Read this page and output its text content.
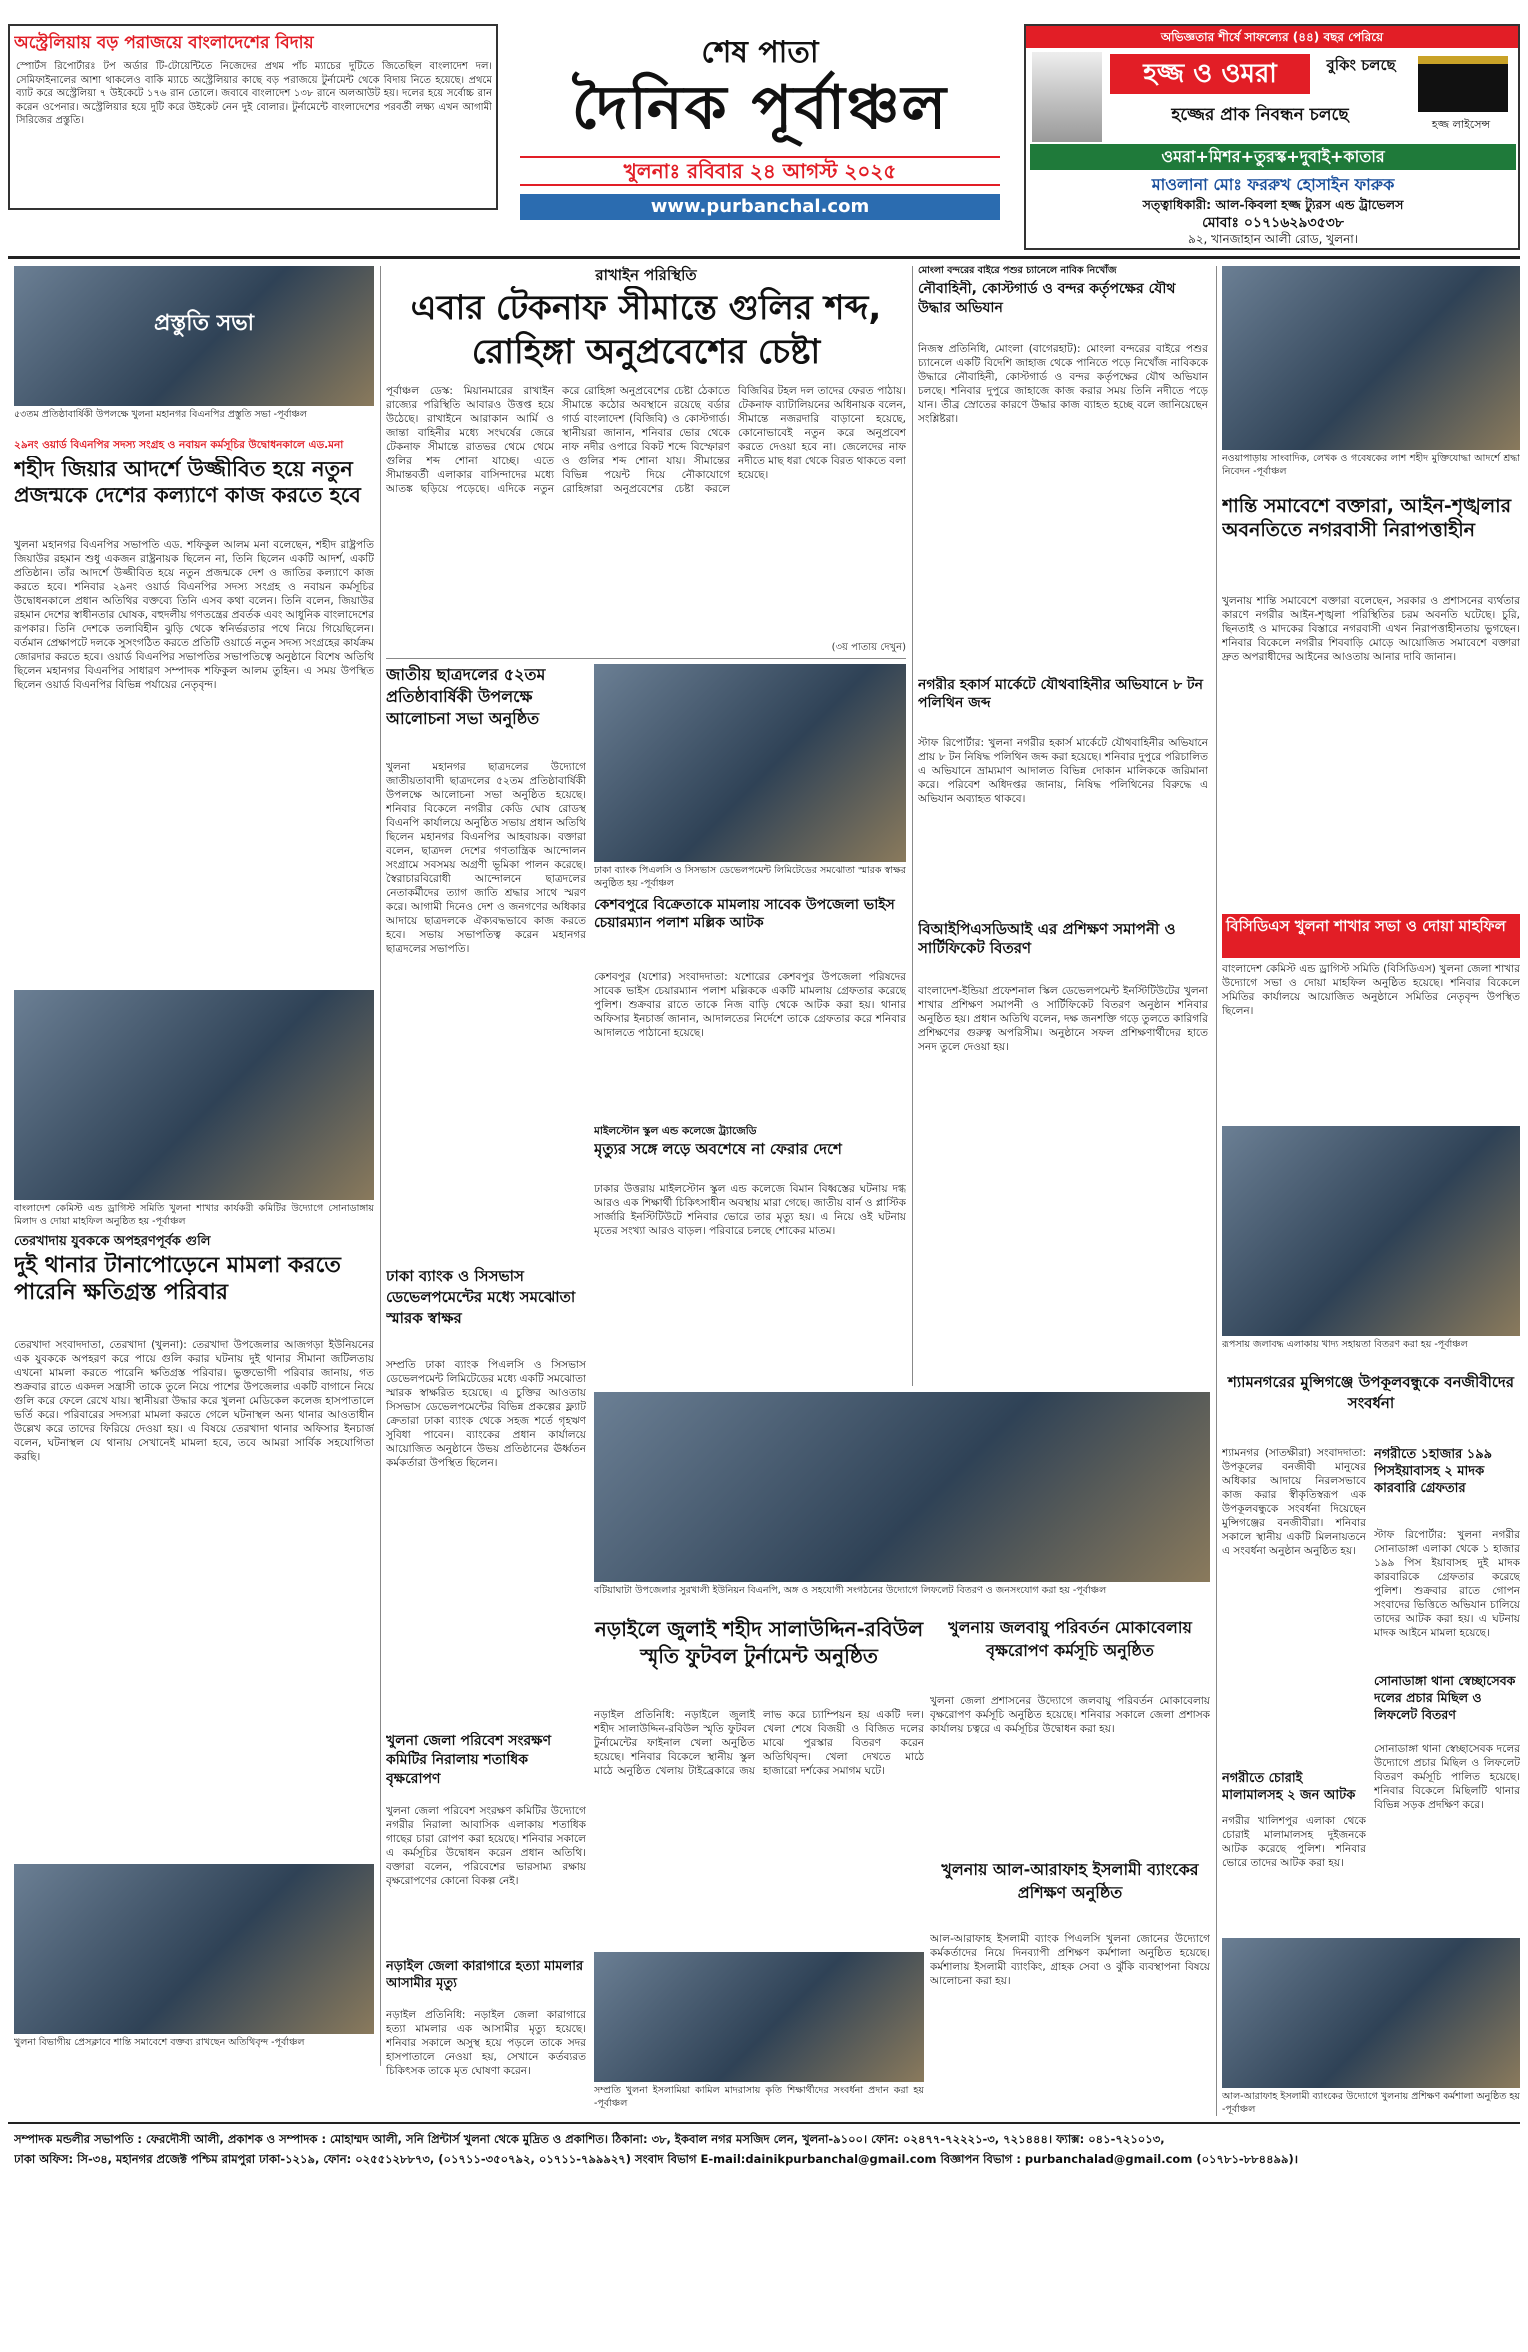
অস্ট্রেলিয়ায় বড় পরাজয়ে বাংলাদেশের বিদায়
স্পোর্টস রিপোর্টারঃ টপ অর্ডার টি-টোয়েন্টিতে নিজেদের প্রথম পাঁচ ম্যাচের দুটিতে জিতেছিল বাংলাদেশ দল। সেমিফাইনালের আশা থাকলেও বাকি ম্যাচে অস্ট্রেলিয়ার কাছে বড় পরাজয়ে টুর্নামেন্ট থেকে বিদায় নিতে হয়েছে। প্রথমে ব্যাট করে অস্ট্রেলিয়া ৭ উইকেটে ১৭৬ রান তোলে। জবাবে বাংলাদেশ ১৩৮ রানে অলআউট হয়। দলের হয়ে সর্বোচ্চ রান করেন ওপেনার। অস্ট্রেলিয়ার হয়ে দুটি করে উইকেট নেন দুই বোলার। টুর্নামেন্টে বাংলাদেশের পরবর্তী লক্ষ্য এখন আগামী সিরিজের প্রস্তুতি।
শেষ পাতা
দৈনিক পূর্বাঞ্চল
খুলনাঃ রবিবার ২৪ আগস্ট ২০২৫
www.purbanchal.com
অভিজ্ঞতার শীর্ষে সাফল্যের (৪৪) বছর পেরিয়ে
হজ্জ ও ওমরা	বুকিং চলছে
হজ্জ লাইসেন্স
হজ্জের প্রাক নিবন্ধন চলছে
ওমরা+মিশর+তুরস্ক+দুবাই+কাতার
মাওলানা মোঃ ফররুখ হোসাইন ফারুক
সত্ত্বাধিকারী: আল-কিবলা হজ্জ ট্যুরস এন্ড ট্রাভেলস
মোবাঃ ০১৭১৬২৯৩৫৩৮
৯২, খানজাহান আলী রোড, খুলনা।
প্রস্তুতি সভা
৫৩তম প্রতিষ্ঠাবার্ষিকী উপলক্ষে খুলনা মহানগর বিএনপির প্রস্তুতি সভা -পূর্বাঞ্চল
২৯নং ওয়ার্ড বিএনপির সদস্য সংগ্রহ ও নবায়ন কর্মসূচির উদ্বোধনকালে এড.মনা
শহীদ জিয়ার আদর্শে উজ্জীবিত হয়ে নতুন প্রজন্মকে দেশের কল্যাণে কাজ করতে হবে
খুলনা মহানগর বিএনপির সভাপতি এড. শফিকুল আলম মনা বলেছেন, শহীদ রাষ্ট্রপতি জিয়াউর রহমান শুধু একজন রাষ্ট্রনায়ক ছিলেন না, তিনি ছিলেন একটি আদর্শ, একটি প্রতিষ্ঠান। তাঁর আদর্শে উজ্জীবিত হয়ে নতুন প্রজন্মকে দেশ ও জাতির কল্যাণে কাজ করতে হবে। শনিবার ২৯নং ওয়ার্ড বিএনপির সদস্য সংগ্রহ ও নবায়ন কর্মসূচির উদ্বোধনকালে প্রধান অতিথির বক্তব্যে তিনি এসব কথা বলেন। তিনি বলেন, জিয়াউর রহমান দেশের স্বাধীনতার ঘোষক, বহুদলীয় গণতন্ত্রের প্রবর্তক এবং আধুনিক বাংলাদেশের রূপকার। তিনি দেশকে তলাবিহীন ঝুড়ি থেকে স্বনির্ভরতার পথে নিয়ে গিয়েছিলেন। বর্তমান প্রেক্ষাপটে দলকে সুসংগঠিত করতে প্রতিটি ওয়ার্ডে নতুন সদস্য সংগ্রহের কার্যক্রম জোরদার করতে হবে। ওয়ার্ড বিএনপির সভাপতির সভাপতিত্বে অনুষ্ঠানে বিশেষ অতিথি ছিলেন মহানগর বিএনপির সাধারণ সম্পাদক শফিকুল আলম তুহিন। এ সময় উপস্থিত ছিলেন ওয়ার্ড বিএনপির বিভিন্ন পর্যায়ের নেতৃবৃন্দ।
বাংলাদেশ কেমিস্ট এন্ড ড্রাগিস্ট সমিতি খুলনা শাখার কার্যকরী কমিটির উদ্যোগে সোনাডাঙ্গায় মিলাদ ও দোয়া মাহফিল অনুষ্ঠিত হয় -পূর্বাঞ্চল
তেরখাদায় যুবককে অপহরণপূর্বক গুলি
দুই থানার টানাপোড়েনে মামলা করতে পারেনি ক্ষতিগ্রস্ত পরিবার
তেরখাদা সংবাদদাতা, তেরখাদা (খুলনা): তেরখাদা উপজেলার আজগড়া ইউনিয়নের এক যুবককে অপহরণ করে পায়ে গুলি করার ঘটনায় দুই থানার সীমানা জটিলতায় এখনো মামলা করতে পারেনি ক্ষতিগ্রস্ত পরিবার। ভুক্তভোগী পরিবার জানায়, গত শুক্রবার রাতে একদল সন্ত্রাসী তাকে তুলে নিয়ে পাশের উপজেলার একটি বাগানে নিয়ে গুলি করে ফেলে রেখে যায়। স্থানীয়রা উদ্ধার করে খুলনা মেডিকেল কলেজ হাসপাতালে ভর্তি করে। পরিবারের সদস্যরা মামলা করতে গেলে ঘটনাস্থল অন্য থানার আওতাধীন উল্লেখ করে তাদের ফিরিয়ে দেওয়া হয়। এ বিষয়ে তেরখাদা থানার অফিসার ইনচার্জ বলেন, ঘটনাস্থল যে থানায় সেখানেই মামলা হবে, তবে আমরা সার্বিক সহযোগিতা করছি।
খুলনা বিভাগীয় প্রেসক্লাবে শান্তি সমাবেশে বক্তব্য রাখছেন অতিথিবৃন্দ -পূর্বাঞ্চল
রাখাইন পরিস্থিতি
এবার টেকনাফ সীমান্তে গুলির শব্দ, রোহিঙ্গা অনুপ্রবেশের চেষ্টা
পূর্বাঞ্চল ডেস্ক: মিয়ানমারের রাখাইন রাজ্যের পরিস্থিতি আবারও উত্তপ্ত হয়ে উঠেছে। রাখাইনে আরাকান আর্মি ও জান্তা বাহিনীর মধ্যে সংঘর্ষের জেরে টেকনাফ সীমান্তে রাতভর থেমে থেমে গুলির শব্দ শোনা যাচ্ছে। এতে সীমান্তবর্তী এলাকার বাসিন্দাদের মধ্যে আতঙ্ক ছড়িয়ে পড়েছে। এদিকে নতুন করে রোহিঙ্গা অনুপ্রবেশের চেষ্টা ঠেকাতে সীমান্তে কঠোর অবস্থানে রয়েছে বর্ডার গার্ড বাংলাদেশ (বিজিবি) ও কোস্টগার্ড। স্থানীয়রা জানান, শনিবার ভোর থেকে নাফ নদীর ওপারে বিকট শব্দে বিস্ফোরণ ও গুলির শব্দ শোনা যায়। সীমান্তের বিভিন্ন পয়েন্ট দিয়ে নৌকাযোগে রোহিঙ্গারা অনুপ্রবেশের চেষ্টা করলে বিজিবির টহল দল তাদের ফেরত পাঠায়। টেকনাফ ব্যাটালিয়নের অধিনায়ক বলেন, সীমান্তে নজরদারি বাড়ানো হয়েছে, কোনোভাবেই নতুন করে অনুপ্রবেশ করতে দেওয়া হবে না। জেলেদের নাফ নদীতে মাছ ধরা থেকে বিরত থাকতে বলা হয়েছে।
(৩য় পাতায় দেখুন)
জাতীয় ছাত্রদলের ৫২তম প্রতিষ্ঠাবার্ষিকী উপলক্ষে আলোচনা সভা অনুষ্ঠিত
খুলনা মহানগর ছাত্রদলের উদ্যোগে জাতীয়তাবাদী ছাত্রদলের ৫২তম প্রতিষ্ঠাবার্ষিকী উপলক্ষে আলোচনা সভা অনুষ্ঠিত হয়েছে। শনিবার বিকেলে নগরীর কেডি ঘোষ রোডস্থ বিএনপি কার্যালয়ে অনুষ্ঠিত সভায় প্রধান অতিথি ছিলেন মহানগর বিএনপির আহবায়ক। বক্তারা বলেন, ছাত্রদল দেশের গণতান্ত্রিক আন্দোলন সংগ্রামে সবসময় অগ্রণী ভূমিকা পালন করেছে। স্বৈরাচারবিরোধী আন্দোলনে ছাত্রদলের নেতাকর্মীদের ত্যাগ জাতি শ্রদ্ধার সাথে স্মরণ করে। আগামী দিনেও দেশ ও জনগণের অধিকার আদায়ে ছাত্রদলকে ঐক্যবদ্ধভাবে কাজ করতে হবে। সভায় সভাপতিত্ব করেন মহানগর ছাত্রদলের সভাপতি।
ঢাকা ব্যাংক পিএলসি ও সিসভাস ডেভেলপমেন্ট লিমিটেডের সমঝোতা স্মারক স্বাক্ষর অনুষ্ঠিত হয় -পূর্বাঞ্চল
কেশবপুরে বিক্রেতাকে মামলায় সাবেক উপজেলা ভাইস চেয়ারম্যান পলাশ মল্লিক আটক
কেশবপুর (যশোর) সংবাদদাতা: যশোরের কেশবপুর উপজেলা পরিষদের সাবেক ভাইস চেয়ারম্যান পলাশ মল্লিককে একটি মামলায় গ্রেফতার করেছে পুলিশ। শুক্রবার রাতে তাকে নিজ বাড়ি থেকে আটক করা হয়। থানার অফিসার ইনচার্জ জানান, আদালতের নির্দেশে তাকে গ্রেফতার করে শনিবার আদালতে পাঠানো হয়েছে।
মাইলস্টোন স্কুল এন্ড কলেজে ট্র্যাজেডি
মৃত্যুর সঙ্গে লড়ে অবশেষে না ফেরার দেশে
ঢাকার উত্তরায় মাইলস্টোন স্কুল এন্ড কলেজে বিমান বিধ্বস্তের ঘটনায় দগ্ধ আরও এক শিক্ষার্থী চিকিৎসাধীন অবস্থায় মারা গেছে। জাতীয় বার্ন ও প্লাস্টিক সার্জারি ইনস্টিটিউটে শনিবার ভোরে তার মৃত্যু হয়। এ নিয়ে ওই ঘটনায় মৃতের সংখ্যা আরও বাড়ল। পরিবারে চলছে শোকের মাতম।
ঢাকা ব্যাংক ও সিসভাস ডেভেলপমেন্টের মধ্যে সমঝোতা স্মারক স্বাক্ষর
সম্প্রতি ঢাকা ব্যাংক পিএলসি ও সিসভাস ডেভেলপমেন্ট লিমিটেডের মধ্যে একটি সমঝোতা স্মারক স্বাক্ষরিত হয়েছে। এ চুক্তির আওতায় সিসভাস ডেভেলপমেন্টের বিভিন্ন প্রকল্পের ফ্ল্যাট ক্রেতারা ঢাকা ব্যাংক থেকে সহজ শর্তে গৃহঋণ সুবিধা পাবেন। ব্যাংকের প্রধান কার্যালয়ে আয়োজিত অনুষ্ঠানে উভয় প্রতিষ্ঠানের ঊর্ধ্বতন কর্মকর্তারা উপস্থিত ছিলেন।
খুলনা জেলা পরিবেশ সংরক্ষণ কমিটির নিরালায় শতাধিক বৃক্ষরোপণ
খুলনা জেলা পরিবেশ সংরক্ষণ কমিটির উদ্যোগে নগরীর নিরালা আবাসিক এলাকায় শতাধিক গাছের চারা রোপণ করা হয়েছে। শনিবার সকালে এ কর্মসূচির উদ্বোধন করেন প্রধান অতিথি। বক্তারা বলেন, পরিবেশের ভারসাম্য রক্ষায় বৃক্ষরোপণের কোনো বিকল্প নেই।
নড়াইল জেলা কারাগারে হত্যা মামলার আসামীর মৃত্যু
নড়াইল প্রতিনিধি: নড়াইল জেলা কারাগারে হত্যা মামলার এক আসামীর মৃত্যু হয়েছে। শনিবার সকালে অসুস্থ হয়ে পড়লে তাকে সদর হাসপাতালে নেওয়া হয়, সেখানে কর্তব্যরত চিকিৎসক তাকে মৃত ঘোষণা করেন।
বটিয়াঘাটা উপজেলার সুরখালী ইউনিয়ন বিএনপি, অঙ্গ ও সহযোগী সংগঠনের উদ্যোগে লিফলেট বিতরণ ও জনসংযোগ করা হয় -পূর্বাঞ্চল
নড়াইলে জুলাই শহীদ সালাউদ্দিন-রবিউল স্মৃতি ফুটবল টুর্নামেন্ট অনুষ্ঠিত
নড়াইল প্রতিনিধি: নড়াইলে জুলাই শহীদ সালাউদ্দিন-রবিউল স্মৃতি ফুটবল টুর্নামেন্টের ফাইনাল খেলা অনুষ্ঠিত হয়েছে। শনিবার বিকেলে স্থানীয় স্কুল মাঠে অনুষ্ঠিত খেলায় টাইব্রেকারে জয় লাভ করে চ্যাম্পিয়ন হয় একটি দল। খেলা শেষে বিজয়ী ও বিজিত দলের মাঝে পুরস্কার বিতরণ করেন অতিথিবৃন্দ। খেলা দেখতে মাঠে হাজারো দর্শকের সমাগম ঘটে।
সম্প্রতি খুলনা ইসলামিয়া কামিল মাদরাসায় কৃতি শিক্ষার্থীদের সংবর্ধনা প্রদান করা হয় -পূর্বাঞ্চল
মোংলা বন্দরের বাইরে পশুর চ্যানেলে নাবিক নিখোঁজ
নৌবাহিনী, কোস্টগার্ড ও বন্দর কর্তৃপক্ষের যৌথ উদ্ধার অভিযান
নিজস্ব প্রতিনিধি, মোংলা (বাগেরহাট): মোংলা বন্দরের বাইরে পশুর চ্যানেলে একটি বিদেশি জাহাজ থেকে পানিতে পড়ে নিখোঁজ নাবিককে উদ্ধারে নৌবাহিনী, কোস্টগার্ড ও বন্দর কর্তৃপক্ষের যৌথ অভিযান চলছে। শনিবার দুপুরে জাহাজে কাজ করার সময় তিনি নদীতে পড়ে যান। তীব্র স্রোতের কারণে উদ্ধার কাজ ব্যাহত হচ্ছে বলে জানিয়েছেন সংশ্লিষ্টরা।
নগরীর হকার্স মার্কেটে যৌথবাহিনীর অভিযানে ৮ টন পলিথিন জব্দ
স্টাফ রিপোর্টার: খুলনা নগরীর হকার্স মার্কেটে যৌথবাহিনীর অভিযানে প্রায় ৮ টন নিষিদ্ধ পলিথিন জব্দ করা হয়েছে। শনিবার দুপুরে পরিচালিত এ অভিযানে ভ্রাম্যমাণ আদালত বিভিন্ন দোকান মালিককে জরিমানা করে। পরিবেশ অধিদপ্তর জানায়, নিষিদ্ধ পলিথিনের বিরুদ্ধে এ অভিযান অব্যাহত থাকবে।
বিআইপিএসডিআই এর প্রশিক্ষণ সমাপনী ও সার্টিফিকেট বিতরণ
বাংলাদেশ-ইন্ডিয়া প্রফেশনাল স্কিল ডেভেলপমেন্ট ইনস্টিটিউটের খুলনা শাখার প্রশিক্ষণ সমাপনী ও সার্টিফিকেট বিতরণ অনুষ্ঠান শনিবার অনুষ্ঠিত হয়। প্রধান অতিথি বলেন, দক্ষ জনশক্তি গড়ে তুলতে কারিগরি প্রশিক্ষণের গুরুত্ব অপরিসীম। অনুষ্ঠানে সফল প্রশিক্ষণার্থীদের হাতে সনদ তুলে দেওয়া হয়।
খুলনায় জলবায়ু পরিবর্তন মোকাবেলায় বৃক্ষরোপণ কর্মসূচি অনুষ্ঠিত
খুলনা জেলা প্রশাসনের উদ্যোগে জলবায়ু পরিবর্তন মোকাবেলায় বৃক্ষরোপণ কর্মসূচি অনুষ্ঠিত হয়েছে। শনিবার সকালে জেলা প্রশাসক কার্যালয় চত্বরে এ কর্মসূচির উদ্বোধন করা হয়।
খুলনায় আল-আরাফাহ ইসলামী ব্যাংকের প্রশিক্ষণ অনুষ্ঠিত
আল-আরাফাহ ইসলামী ব্যাংক পিএলসি খুলনা জোনের উদ্যোগে কর্মকর্তাদের নিয়ে দিনব্যাপী প্রশিক্ষণ কর্মশালা অনুষ্ঠিত হয়েছে। কর্মশালায় ইসলামী ব্যাংকিং, গ্রাহক সেবা ও ঝুঁকি ব্যবস্থাপনা বিষয়ে আলোচনা করা হয়।
নওয়াপাড়ায় সাংবাদিক, লেখক ও গবেষকের লাশ শহীদ মুক্তিযোদ্ধা আদর্শে শ্রদ্ধা নিবেদন -পূর্বাঞ্চল
শান্তি সমাবেশে বক্তারা, আইন-শৃঙ্খলার অবনতিতে নগরবাসী নিরাপত্তাহীন
খুলনায় শান্তি সমাবেশে বক্তারা বলেছেন, সরকার ও প্রশাসনের ব্যর্থতার কারণে নগরীর আইন-শৃঙ্খলা পরিস্থিতির চরম অবনতি ঘটেছে। চুরি, ছিনতাই ও মাদকের বিস্তারে নগরবাসী এখন নিরাপত্তাহীনতায় ভুগছেন। শনিবার বিকেলে নগরীর শিববাড়ি মোড়ে আয়োজিত সমাবেশে বক্তারা দ্রুত অপরাধীদের আইনের আওতায় আনার দাবি জানান।
বিসিডিএস খুলনা শাখার সভা ও দোয়া মাহফিল
বাংলাদেশ কেমিস্ট এন্ড ড্রাগিস্ট সমিতি (বিসিডিএস) খুলনা জেলা শাখার উদ্যোগে সভা ও দোয়া মাহফিল অনুষ্ঠিত হয়েছে। শনিবার বিকেলে সমিতির কার্যালয়ে আয়োজিত অনুষ্ঠানে সমিতির নেতৃবৃন্দ উপস্থিত ছিলেন।
রূপসায় জলাবদ্ধ এলাকায় খাদ্য সহায়তা বিতরণ করা হয় -পূর্বাঞ্চল
শ্যামনগরের মুন্সিগঞ্জে উপকূলবন্ধুকে বনজীবীদের সংবর্ধনা
শ্যামনগর (সাতক্ষীরা) সংবাদদাতা: উপকূলের বনজীবী মানুষের অধিকার আদায়ে নিরলসভাবে কাজ করার স্বীকৃতিস্বরূপ এক উপকূলবন্ধুকে সংবর্ধনা দিয়েছেন মুন্সিগঞ্জের বনজীবীরা। শনিবার সকালে স্থানীয় একটি মিলনায়তনে এ সংবর্ধনা অনুষ্ঠান অনুষ্ঠিত হয়।
নগরীতে ১হাজার ১৯৯ পিসইয়াবাসহ ২ মাদক কারবারি গ্রেফতার
স্টাফ রিপোর্টার: খুলনা নগরীর সোনাডাঙ্গা এলাকা থেকে ১ হাজার ১৯৯ পিস ইয়াবাসহ দুই মাদক কারবারিকে গ্রেফতার করেছে পুলিশ। শুক্রবার রাতে গোপন সংবাদের ভিত্তিতে অভিযান চালিয়ে তাদের আটক করা হয়। এ ঘটনায় মাদক আইনে মামলা হয়েছে।
সোনাডাঙ্গা থানা স্বেচ্ছাসেবক দলের প্রচার মিছিল ও লিফলেট বিতরণ
সোনাডাঙ্গা থানা স্বেচ্ছাসেবক দলের উদ্যোগে প্রচার মিছিল ও লিফলেট বিতরণ কর্মসূচি পালিত হয়েছে। শনিবার বিকেলে মিছিলটি থানার বিভিন্ন সড়ক প্রদক্ষিণ করে।
নগরীতে চোরাই মালামালসহ ২ জন আটক
নগরীর খালিশপুর এলাকা থেকে চোরাই মালামালসহ দুইজনকে আটক করেছে পুলিশ। শনিবার ভোরে তাদের আটক করা হয়।
আল-আরাফাহ ইসলামী ব্যাংকের উদ্যোগে খুলনায় প্রশিক্ষণ কর্মশালা অনুষ্ঠিত হয় -পূর্বাঞ্চল
সম্পাদক মন্ডলীর সভাপতি : ফেরদৌসী আলী, প্রকাশক ও সম্পাদক : মোহাম্মদ আলী, সনি প্রিন্টার্স খুলনা থেকে মুদ্রিত ও প্রকাশিত। ঠিকানা: ৩৮, ইকবাল নগর মসজিদ লেন, খুলনা-৯১০০। ফোন: ০২৪৭৭-৭২২২১-৩, ৭২১৪৪৪। ফ্যাক্স: ০৪১-৭২১০১৩,
ঢাকা অফিস: সি-৩৪, মহানগর প্রজেক্ট পশ্চিম রামপুরা ঢাকা-১২১৯, ফোন: ০২৫৫১২৮৮৭৩, (০১৭১১-৩৫০৭৯২, ০১৭১১-৭৯৯৯২৭) সংবাদ বিভাগ E-mail:dainikpurbanchal@gmail.com বিজ্ঞাপন বিভাগ : purbanchalad@gmail.com (০১৭৮১-৮৮৪৪৯৯)।
